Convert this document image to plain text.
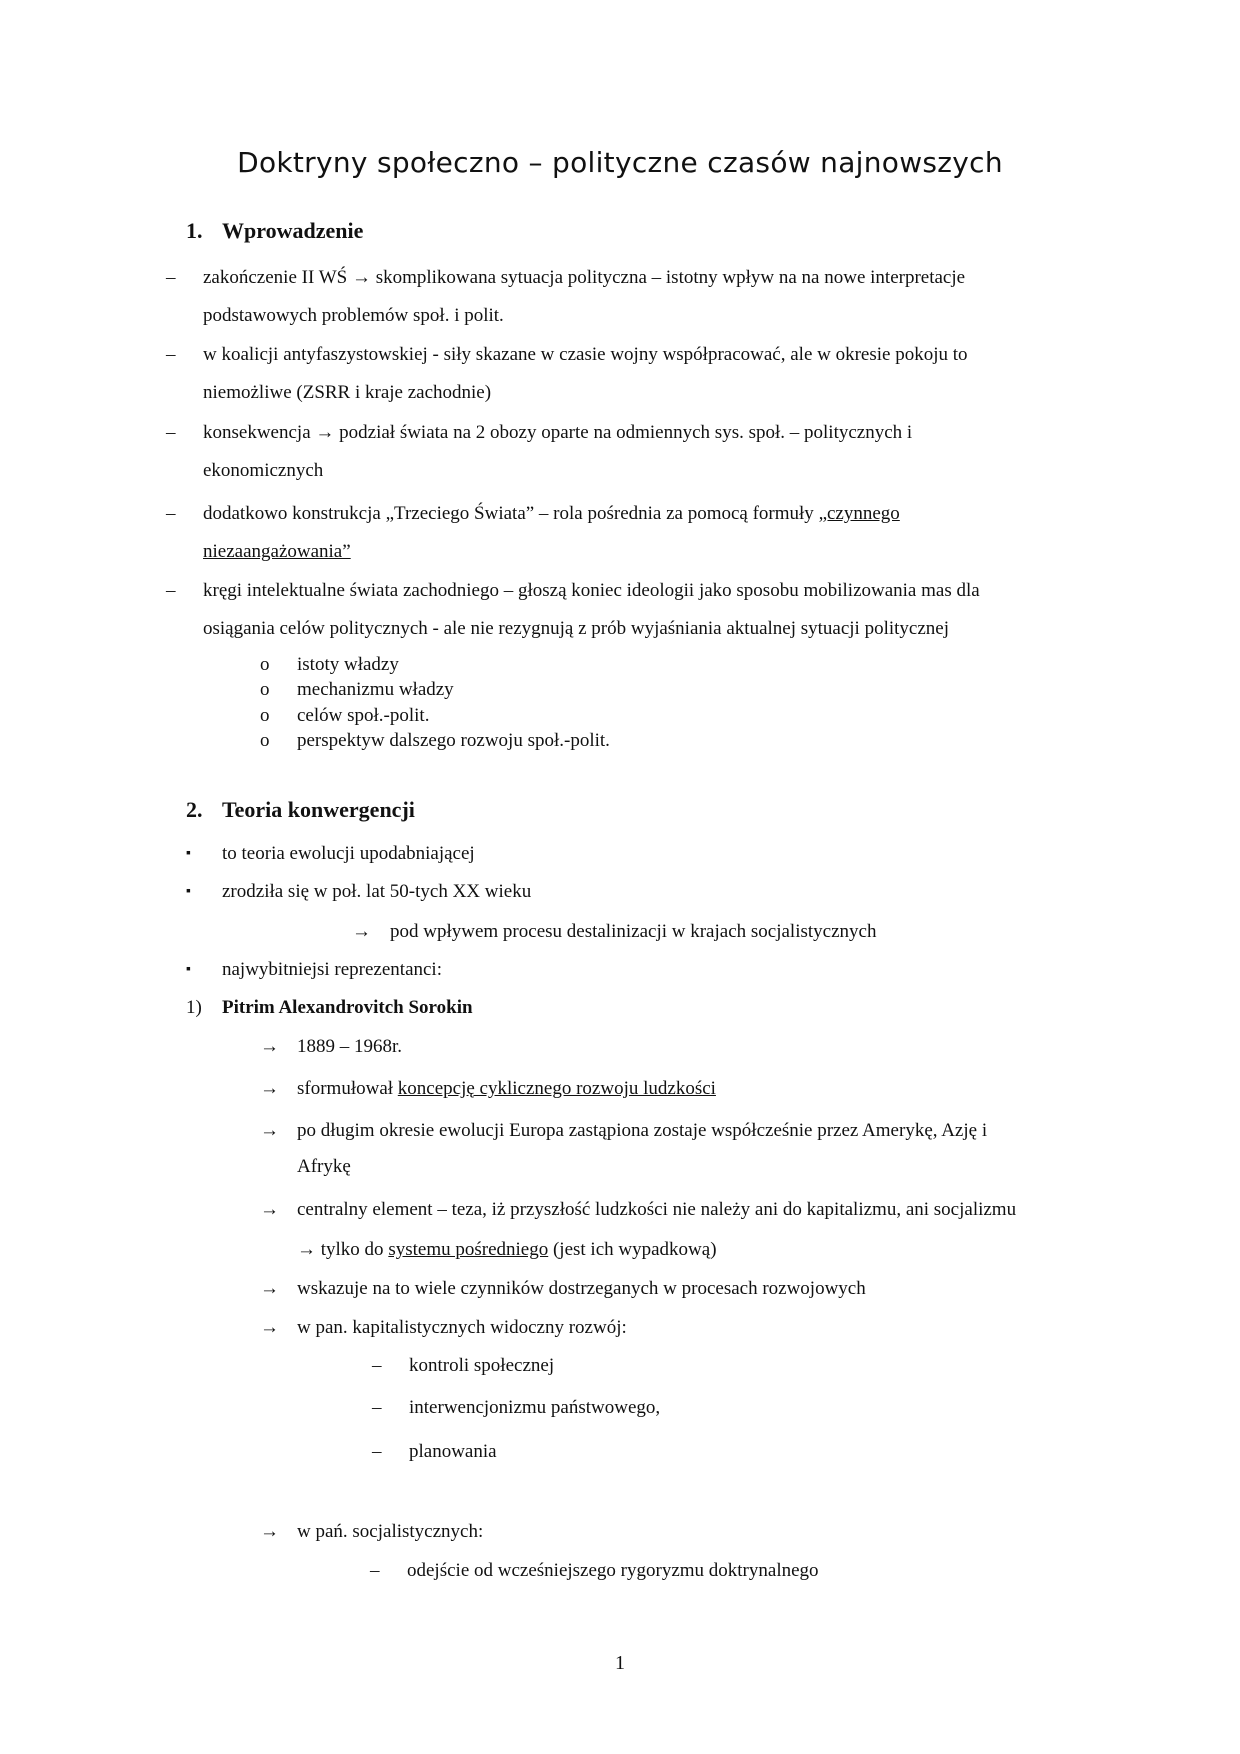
Doktryny społeczno – polityczne czasów najnowszych
1. Wprowadzenie
– zakończenie II WŚ → skomplikowana sytuacja polityczna – istotny wpływ na na nowe interpretacje
podstawowych problemów społ. i polit.
– w koalicji antyfaszystowskiej - siły skazane w czasie wojny współpracować, ale w okresie pokoju to
niemożliwe (ZSRR i kraje zachodnie)
– konsekwencja → podział świata na 2 obozy oparte na odmiennych sys. społ. – politycznych i
ekonomicznych
– dodatkowo konstrukcja „Trzeciego Świata” – rola pośrednia za pomocą formuły „czynnego
niezaangażowania”
– kręgi intelektualne świata zachodniego – głoszą koniec ideologii jako sposobu mobilizowania mas dla
osiągania celów politycznych - ale nie rezygnują z prób wyjaśniania aktualnej sytuacji politycznej
o istoty władzy
o mechanizmu władzy
o celów społ.-polit.
o perspektyw dalszego rozwoju społ.-polit.
2. Teoria konwergencji
▪ to teoria ewolucji upodabniającej
▪ zrodziła się w poł. lat 50-tych XX wieku
→ pod wpływem procesu destalinizacji w krajach socjalistycznych
▪ najwybitniejsi reprezentanci:
1) Pitrim Alexandrovitch Sorokin
→ 1889 – 1968r.
→ sformułował koncepcję cyklicznego rozwoju ludzkości
→ po długim okresie ewolucji Europa zastąpiona zostaje współcześnie przez Amerykę, Azję i
Afrykę
→ centralny element – teza, iż przyszłość ludzkości nie należy ani do kapitalizmu, ani socjalizmu
→ tylko do systemu pośredniego (jest ich wypadkową)
→ wskazuje na to wiele czynników dostrzeganych w procesach rozwojowych
→ w pan. kapitalistycznych widoczny rozwój:
– kontroli społecznej
– interwencjonizmu państwowego,
– planowania
→ w pań. socjalistycznych:
– odejście od wcześniejszego rygoryzmu doktrynalnego
1
